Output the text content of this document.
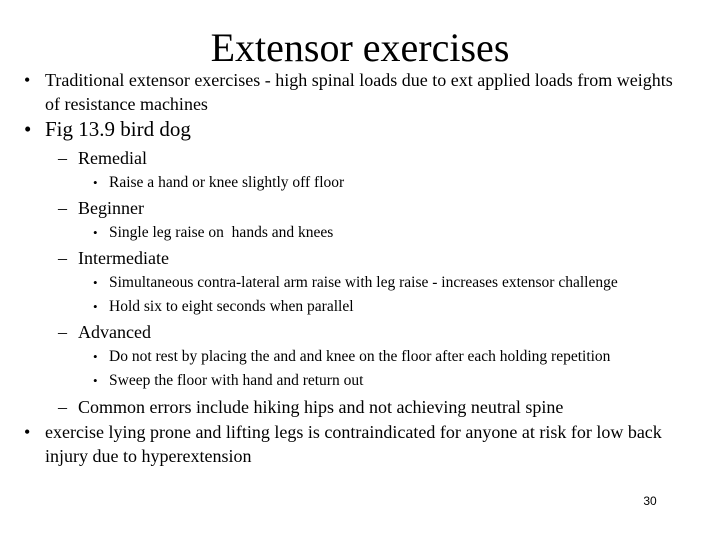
Extensor exercises
• Traditional extensor exercises - high spinal loads due to ext applied loads from weights of resistance machines
• Fig 13.9 bird dog
– Remedial
• Raise a hand or knee slightly off floor
– Beginner
• Single leg raise on  hands and knees
– Intermediate
• Simultaneous contra-lateral arm raise with leg raise - increases extensor challenge
• Hold six to eight seconds when parallel
– Advanced
• Do not rest by placing the and and knee on the floor after each holding repetition
• Sweep the floor with hand and return out
– Common errors include hiking hips and not achieving neutral spine
• exercise lying prone and lifting legs is contraindicated for anyone at risk for low back injury due to hyperextension
30
